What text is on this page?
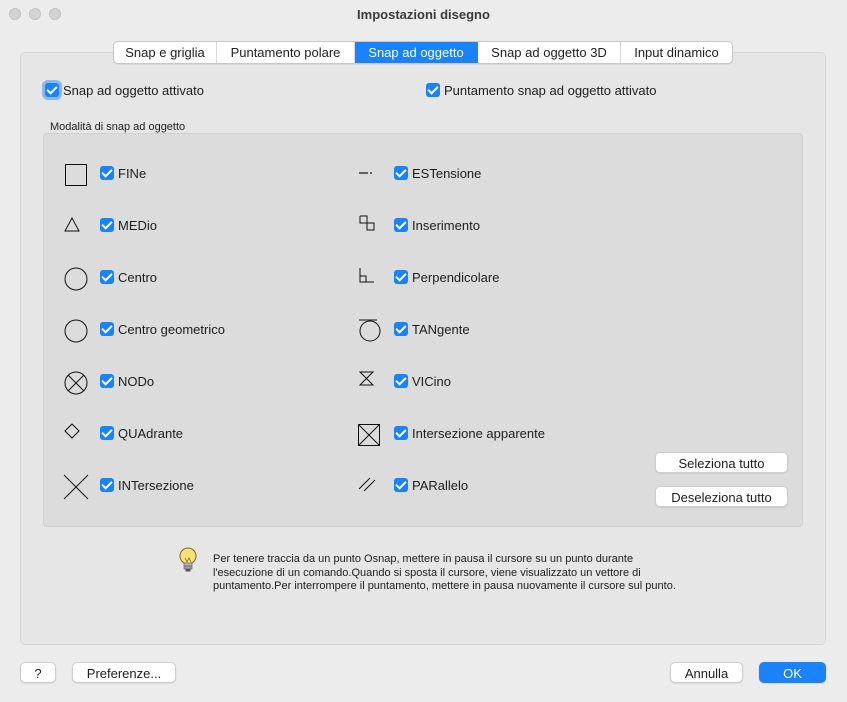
Impostazioni disegno
Snap e griglia	Puntamento polare	Snap ad oggetto	Snap ad oggetto 3D	Input dinamico
Snap ad oggetto attivato	Puntamento snap ad oggetto attivato
Modalità di snap ad oggetto
FINe
MEDio
Centro
Centro geometrico
NODo
QUAdrante
INTersezione
ESTensione
Inserimento
Perpendicolare
TANgente
VICino
Intersezione apparente
PARallelo
Seleziona tutto
Deseleziona tutto
Per tenere traccia da un punto Osnap, mettere in pausa il cursore su un punto durante l'esecuzione di un comando.Quando si sposta il cursore, viene visualizzato un vettore di puntamento.Per interrompere il puntamento, mettere in pausa nuovamente il cursore sul punto.
?	Preferenze...	Annulla	OK
